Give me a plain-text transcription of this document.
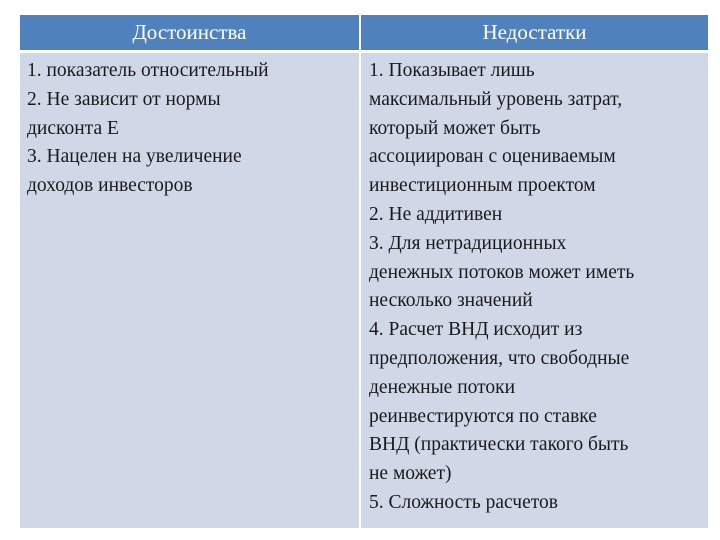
Достоинства	Недостатки
1. показатель относительный
2. Не зависит от нормы
дисконта Е
3. Нацелен на увеличение
доходов инвесторов
1. Показывает лишь
максимальный уровень затрат,
который может быть
ассоциирован с оцениваемым
инвестиционным проектом
2. Не аддитивен
3. Для нетрадиционных
денежных потоков может иметь
несколько значений
4. Расчет ВНД исходит из
предположения, что свободные
денежные потоки
реинвестируются по ставке
ВНД (практически такого быть
не может)
5. Сложность расчетов
